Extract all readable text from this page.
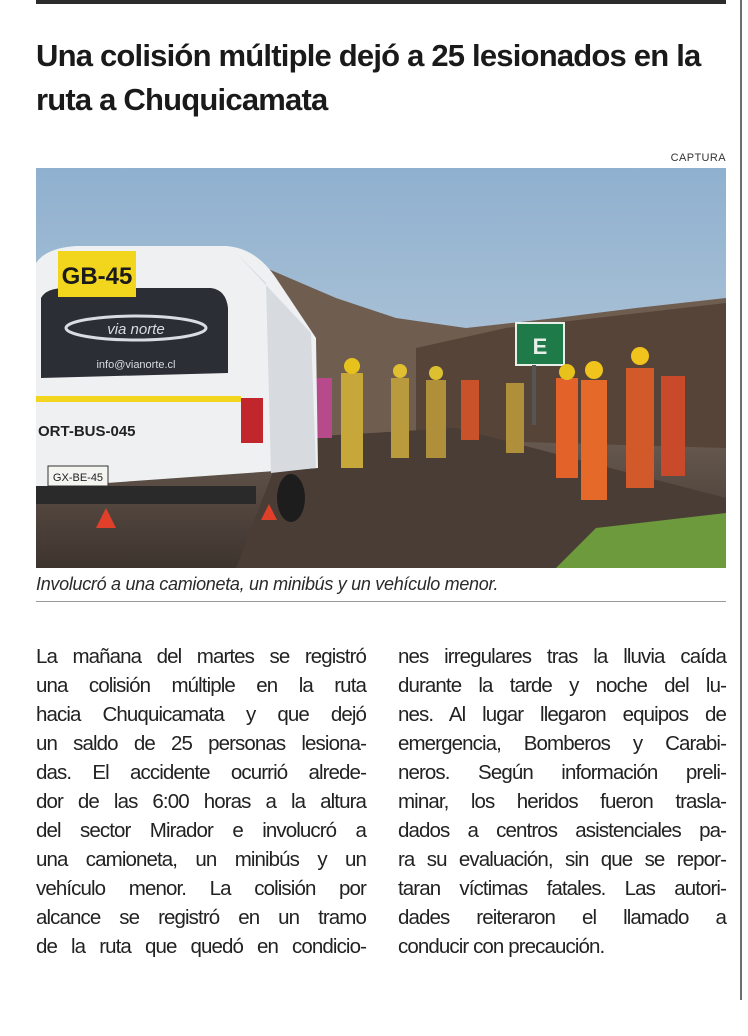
Una colisión múltiple dejó a 25 lesionados en la ruta a Chuquicamata
CAPTURA
E
GB-45
via norte
info@vianorte.cl
ORT-BUS-045
GX-BE-45
Involucró a una camioneta, un minibús y un vehículo menor.
La mañana del martes se registró
una colisión múltiple en la ruta
hacia Chuquicamata y que dejó
un saldo de 25 personas lesiona-
das. El accidente ocurrió alrede-
dor de las 6:00 horas a la altura
del sector Mirador e involucró a
una camioneta, un minibús y un
vehículo menor. La colisión por
alcance se registró en un tramo
de la ruta que quedó en condicio-
nes irregulares tras la lluvia caída
durante la tarde y noche del lu-
nes. Al lugar llegaron equipos de
emergencia, Bomberos y Carabi-
neros. Según información preli-
minar, los heridos fueron trasla-
dados a centros asistenciales pa-
ra su evaluación, sin que se repor-
taran víctimas fatales. Las autori-
dades reiteraron el llamado a
conducir con precaución.
